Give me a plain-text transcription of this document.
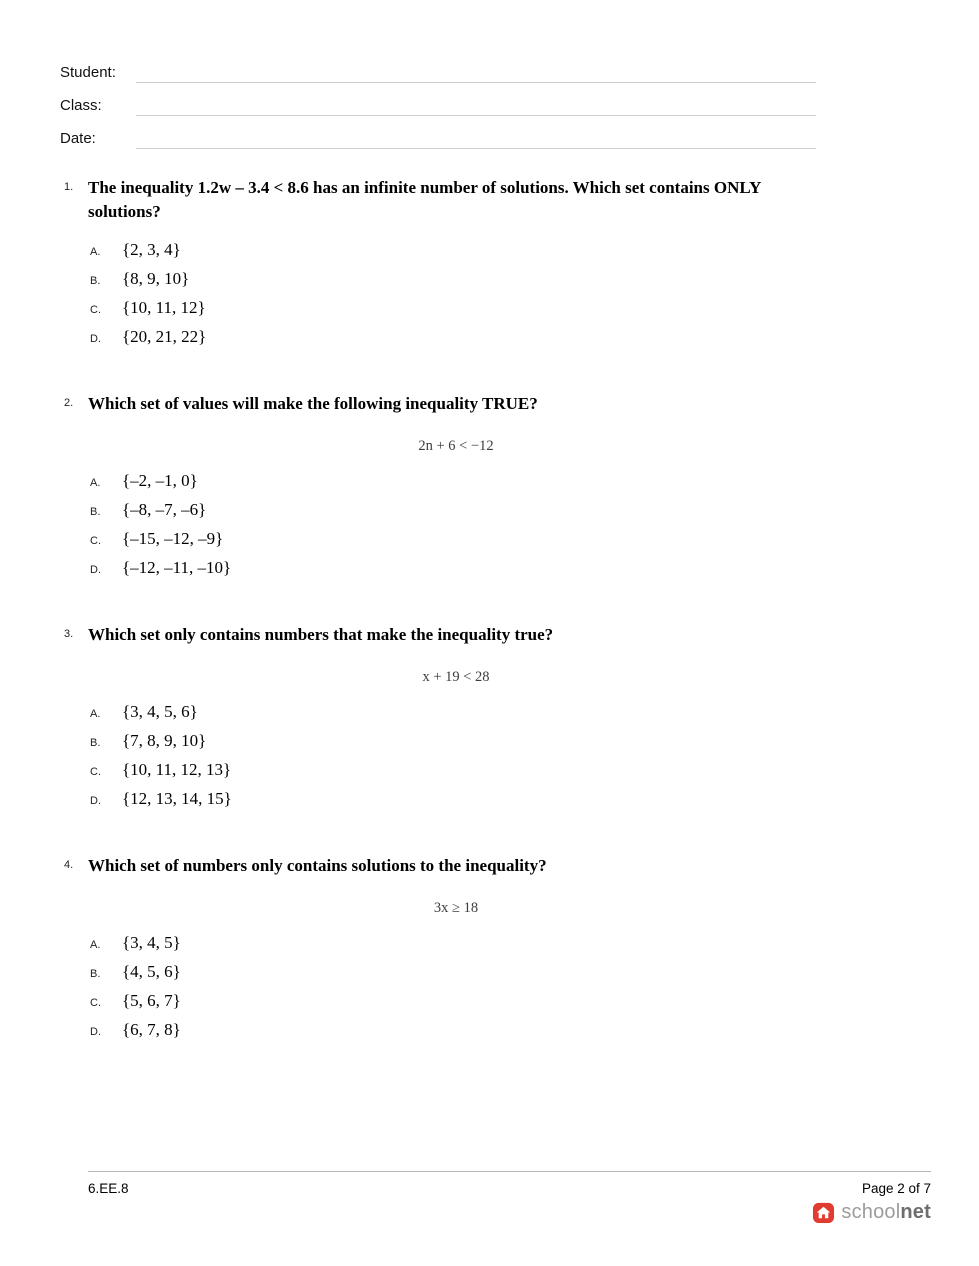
Student:
Class:
Date:
1. The inequality 1.2w – 3.4 < 8.6 has an infinite number of solutions. Which set contains ONLY solutions?
A.	{2, 3, 4}
B.	{8, 9, 10}
C.	{10, 11, 12}
D.	{20, 21, 22}
2. Which set of values will make the following inequality TRUE?
2n + 6 < −12
A.	{–2, –1, 0}
B.	{–8, –7, –6}
C.	{–15, –12, –9}
D.	{–12, –11, –10}
3. Which set only contains numbers that make the inequality true?
x + 19 < 28
A.	{3, 4, 5, 6}
B.	{7, 8, 9, 10}
C.	{10, 11, 12, 13}
D.	{12, 13, 14, 15}
4. Which set of numbers only contains solutions to the inequality?
3x ≥ 18
A.	{3, 4, 5}
B.	{4, 5, 6}
C.	{5, 6, 7}
D.	{6, 7, 8}
6.EE.8	Page 2 of 7
schoolnet
